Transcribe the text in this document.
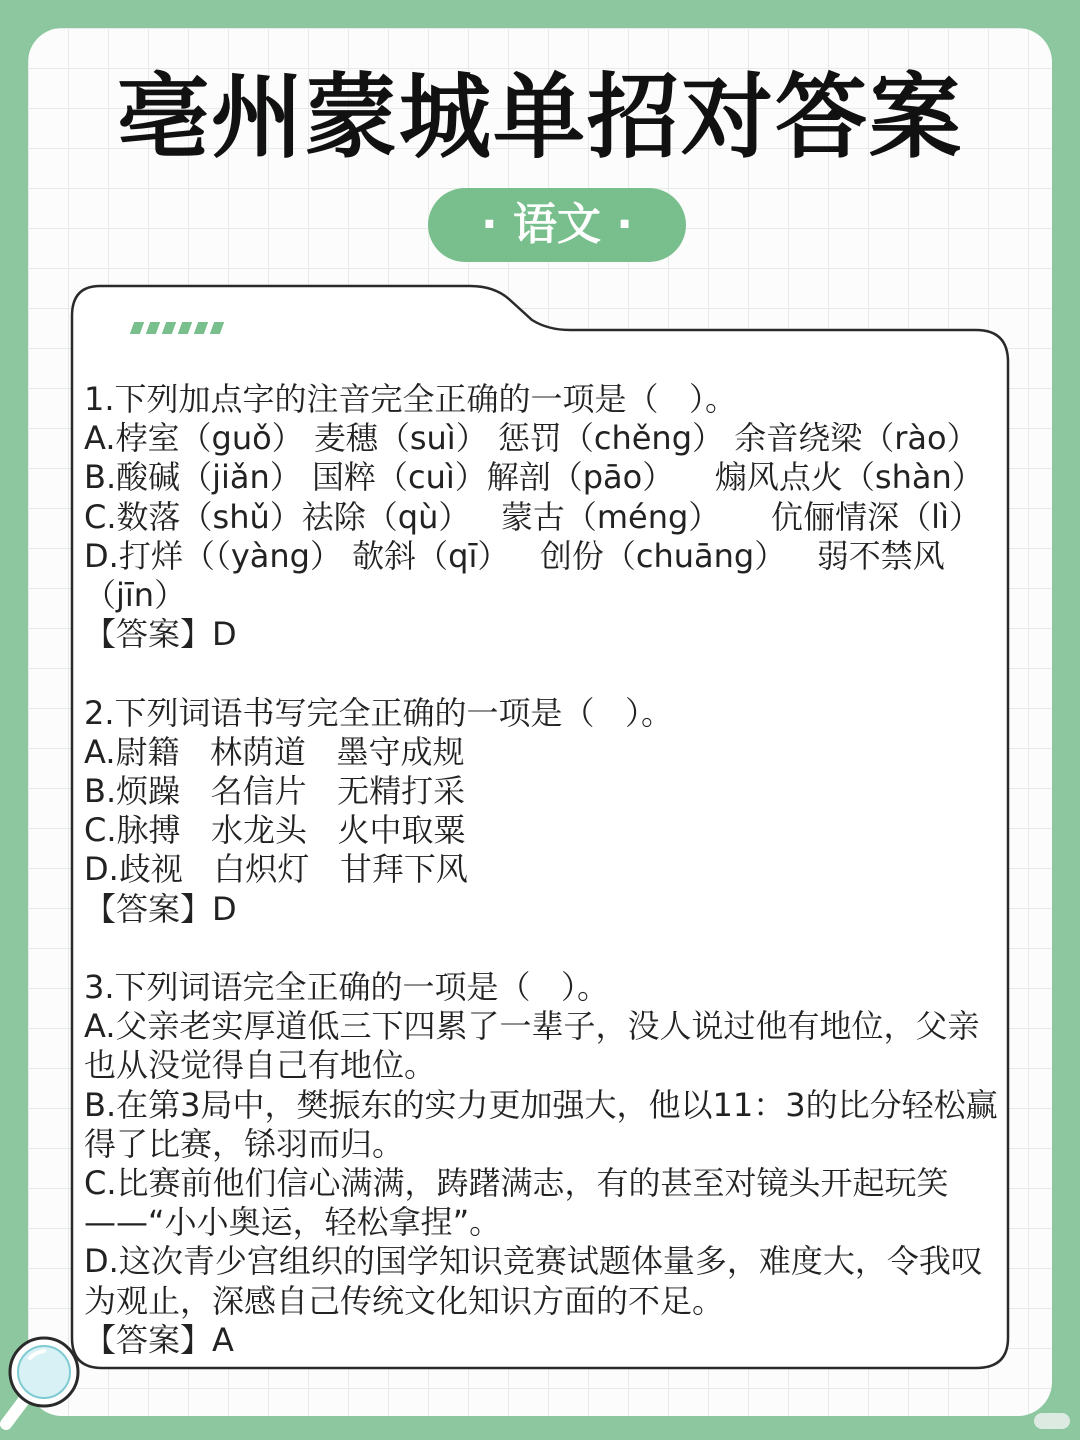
亳州蒙城单招对答案
· 语文 ·
1.下列加点字的注音完全正确的一项是（   ）。
A.桲室（guǒ） 麦穗（suì） 惩罚（chěng） 余音绕梁（rào）
B.酸碱（jiǎn） 国粹（cuì）解剖（pāo）    煽风点火（shàn）
C.数落（shǔ）祛除（qù）   蒙古（méng）     伉俪情深（lì）
D.打烊（（yàng） 欹斜（qī）   创份（chuāng）   弱不禁风
（jīn）
【答案】D

2.下列词语书写完全正确的一项是（   ）。
A.尉籍   林荫道   墨守成规
B.烦躁   名信片   无精打采
C.脉搏   水龙头   火中取粟
D.歧视   白炽灯   甘拜下风
【答案】D

3.下列词语完全正确的一项是（   ）。
A.父亲老实厚道低三下四累了一辈子，没人说过他有地位，父亲
也从没觉得自己有地位。
B.在第3局中，樊振东的实力更加强大，他以11：3的比分轻松赢
得了比赛，铩羽而归。
C.比赛前他们信心满满，踌躇满志，有的甚至对镜头开起玩笑
——“小小奥运，轻松拿捏”。
D.这次青少宫组织的国学知识竞赛试题体量多，难度大，令我叹
为观止，深感自己传统文化知识方面的不足。
【答案】A
